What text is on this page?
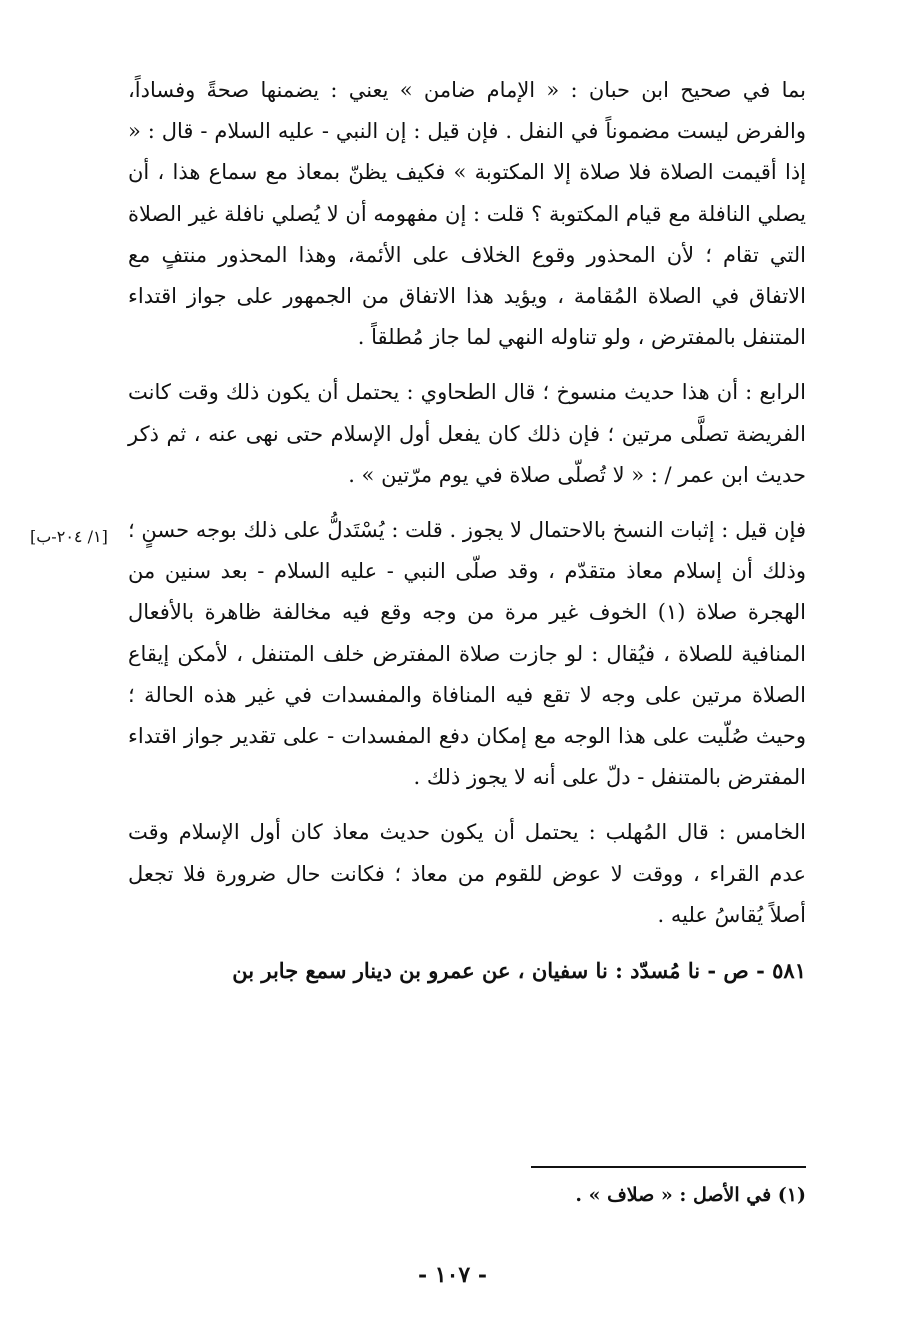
بما في صحيح ابن حبان : « الإمام ضامن » يعني : يضمنها صحةً وفساداً، والفرض ليست مضموناً في النفل . فإن قيل : إن النبي - عليه السلام - قال : « إذا أقيمت الصلاة فلا صلاة إلا المكتوبة » فكيف يظنّ بمعاذ مع سماع هذا ، أن يصلي النافلة مع قيام المكتوبة ؟ قلت : إن مفهومه أن لا يُصلي نافلة غير الصلاة التي تقام ؛ لأن المحذور وقوع الخلاف على الأئمة، وهذا المحذور منتفٍ مع الاتفاق في الصلاة المُقامة ، ويؤيد هذا الاتفاق من الجمهور على جواز اقتداء المتنفل بالمفترض ، ولو تناوله النهي لما جاز مُطلقاً .

الرابع : أن هذا حديث منسوخ ؛ قال الطحاوي : يحتمل أن يكون ذلك وقت كانت الفريضة تصلَّى مرتين ؛ فإن ذلك كان يفعل أول الإسلام حتى نهى عنه ، ثم ذكر حديث ابن عمر / : « لا تُصلّى صلاة في يوم مرّتين » .

فإن قيل : إثبات النسخ بالاحتمال لا يجوز . قلت : يُسْتَدلُّ على ذلك بوجه حسنٍ ؛ وذلك أن إسلام معاذ متقدّم ، وقد صلّى النبي - عليه السلام - بعد سنين من الهجرة صلاة (١) الخوف غير مرة من وجه وقع فيه مخالفة ظاهرة بالأفعال المنافية للصلاة ، فيُقال : لو جازت صلاة المفترض خلف المتنفل ، لأمكن إيقاع الصلاة مرتين على وجه لا تقع فيه المنافاة والمفسدات في غير هذه الحالة ؛ وحيث صُلّيت على هذا الوجه مع إمكان دفع المفسدات - على تقدير جواز اقتداء المفترض بالمتنفل - دلّ على أنه لا يجوز ذلك .

الخامس : قال المُهلب : يحتمل أن يكون حديث معاذ كان أول الإسلام وقت عدم القراء ، ووقت لا عوض للقوم من معاذ ؛ فكانت حال ضرورة فلا تجعل أصلاً يُقاسُ عليه .

٥٨١ - ص - نا مُسدّد : نا سفيان ، عن عمرو بن دينار سمع جابر بن

[١/ ٢٠٤-ب]
(١) في الأصل : « صلاف » .
- ١٠٧ -
